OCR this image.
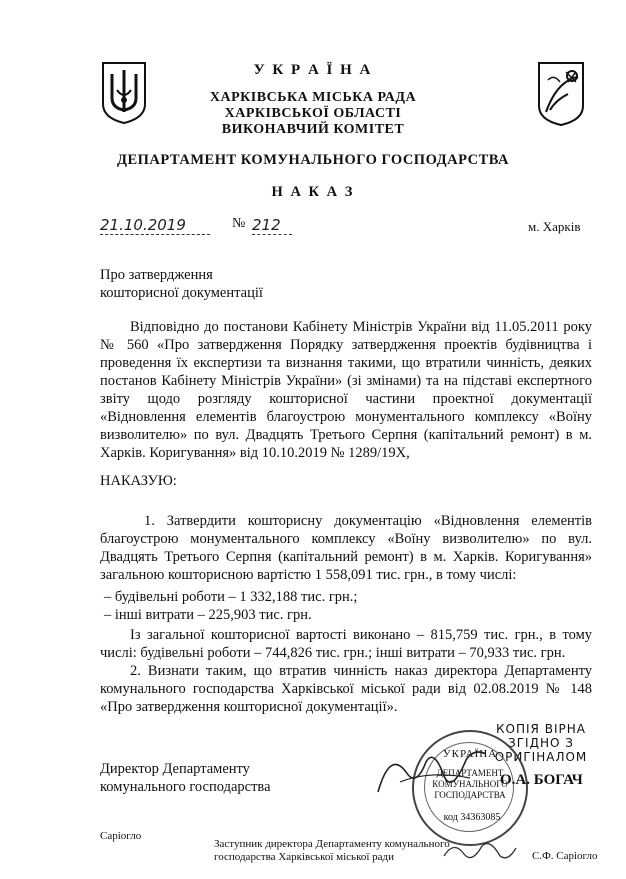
У К Р А Ї Н А
ХАРКІВСЬКА МІСЬКА РАДА
ХАРКІВСЬКОЇ ОБЛАСТІ
ВИКОНАВЧИЙ КОМІТЕТ
ДЕПАРТАМЕНТ КОМУНАЛЬНОГО ГОСПОДАРСТВА
Н А К А З
21.10.2019	№ 212	м. Харків
Про затвердження
кошторисної документації
Відповідно до постанови Кабінету Міністрів України від 11.05.2011 року № 560 «Про затвердження Порядку затвердження проектів будівництва і проведення їх експертизи та визнання такими, що втратили чинність, деяких постанов Кабінету Міністрів України» (зі змінами) та на підставі експертного звіту щодо розгляду кошторисної частини проектної документації «Відновлення елементів благоустрою монументального комплексу «Воїну визволителю» по вул. Двадцять Третього Серпня (капітальний ремонт) в м. Харків. Коригування» від 10.10.2019 № 1289/19Х,
НАКАЗУЮ:
1. Затвердити кошторисну документацію «Відновлення елементів благоустрою монументального комплексу «Воїну визволителю» по вул. Двадцять Третього Серпня (капітальний ремонт) в м. Харків. Коригування» загальною кошторисною вартістю 1 558,091 тис. грн., в тому числі:
– будівельні роботи – 1 332,188 тис. грн.;
– інші витрати – 225,903 тис. грн.
Із загальної кошторисної вартості виконано – 815,759 тис. грн., в тому числі: будівельні роботи – 744,826 тис. грн.; інші витрати – 70,933 тис. грн.
2. Визнати таким, що втратив чинність наказ директора Департаменту комунального господарства Харківської міської ради від 02.08.2019 № 148 «Про затвердження кошторисної документації».
КОПІЯ ВІРНА
ЗГІДНО З
ОРИГІНАЛОМ
УКРАЇНА
ДЕПАРТАМЕНТ
КОМУНАЛЬНОГО
ГОСПОДАРСТВА
код 34363085
Директор Департаменту
комунального господарства	О.А. БОГАЧ
Саріогло
Заступник директора Департаменту комунального
господарства Харківської міської ради	С.Ф. Саріогло
